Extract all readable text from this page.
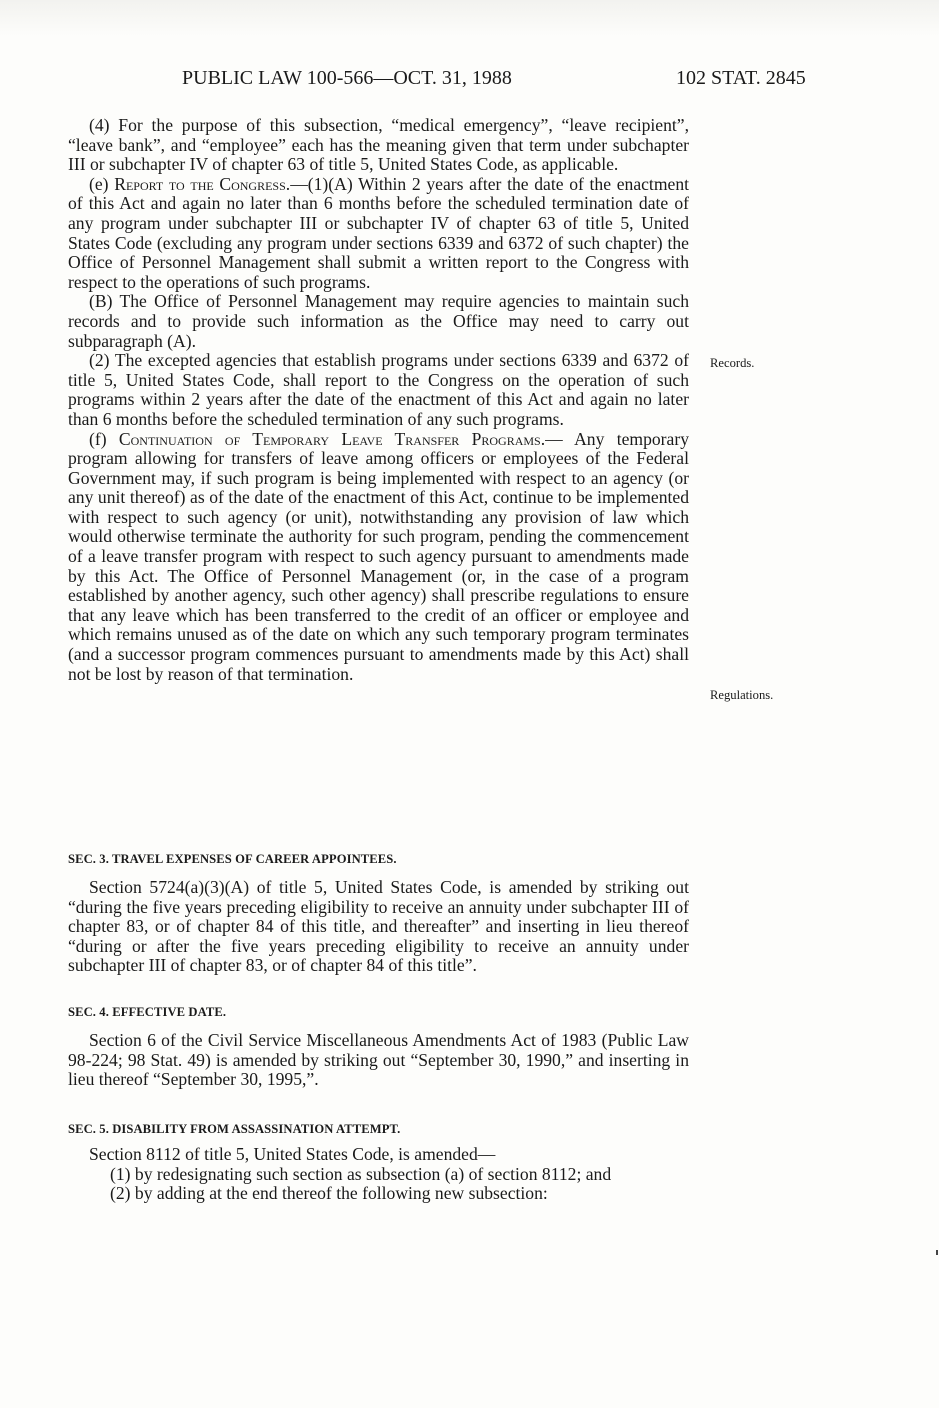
PUBLIC LAW 100-566—OCT. 31, 1988	102 STAT. 2845

(4) For the purpose of this subsection, “medical emergency”, “leave recipient”, “leave bank”, and “employee” each has the meaning given that term under subchapter III or subchapter IV of chapter 63 of title 5, United States Code, as applicable.

(e) Report to the Congress.—(1)(A) Within 2 years after the date of the enactment of this Act and again no later than 6 months before the scheduled termination date of any program under subchapter III or subchapter IV of chapter 63 of title 5, United States Code (excluding any program under sections 6339 and 6372 of such chapter) the Office of Personnel Management shall submit a written report to the Congress with respect to the operations of such programs.

(B) The Office of Personnel Management may require agencies to maintain such records and to provide such information as the Office may need to carry out subparagraph (A).

(2) The excepted agencies that establish programs under sections 6339 and 6372 of title 5, United States Code, shall report to the Congress on the operation of such programs within 2 years after the date of the enactment of this Act and again no later than 6 months before the scheduled termination of any such programs.

(f) Continuation of Temporary Leave Transfer Programs.— Any temporary program allowing for transfers of leave among officers or employees of the Federal Government may, if such program is being implemented with respect to an agency (or any unit thereof) as of the date of the enactment of this Act, continue to be implemented with respect to such agency (or unit), notwithstanding any provision of law which would otherwise terminate the authority for such program, pending the commencement of a leave transfer program with respect to such agency pursuant to amendments made by this Act. The Office of Personnel Management (or, in the case of a program established by another agency, such other agency) shall prescribe regulations to ensure that any leave which has been transferred to the credit of an officer or employee and which remains unused as of the date on which any such temporary program terminates (and a successor program commences pursuant to amendments made by this Act) shall not be lost by reason of that termination.

Records.
Regulations.
SEC. 3. TRAVEL EXPENSES OF CAREER APPOINTEES.

Section 5724(a)(3)(A) of title 5, United States Code, is amended by striking out “during the five years preceding eligibility to receive an annuity under subchapter III of chapter 83, or of chapter 84 of this title, and thereafter” and inserting in lieu thereof “during or after the five years preceding eligibility to receive an annuity under subchapter III of chapter 83, or of chapter 84 of this title”.

SEC. 4. EFFECTIVE DATE.

Section 6 of the Civil Service Miscellaneous Amendments Act of 1983 (Public Law 98-224; 98 Stat. 49) is amended by striking out “September 30, 1990,” and inserting in lieu thereof “September 30, 1995,”.

SEC. 5. DISABILITY FROM ASSASSINATION ATTEMPT.

Section 8112 of title 5, United States Code, is amended—

(1) by redesignating such section as subsection (a) of section 8112; and

(2) by adding at the end thereof the following new subsection:
